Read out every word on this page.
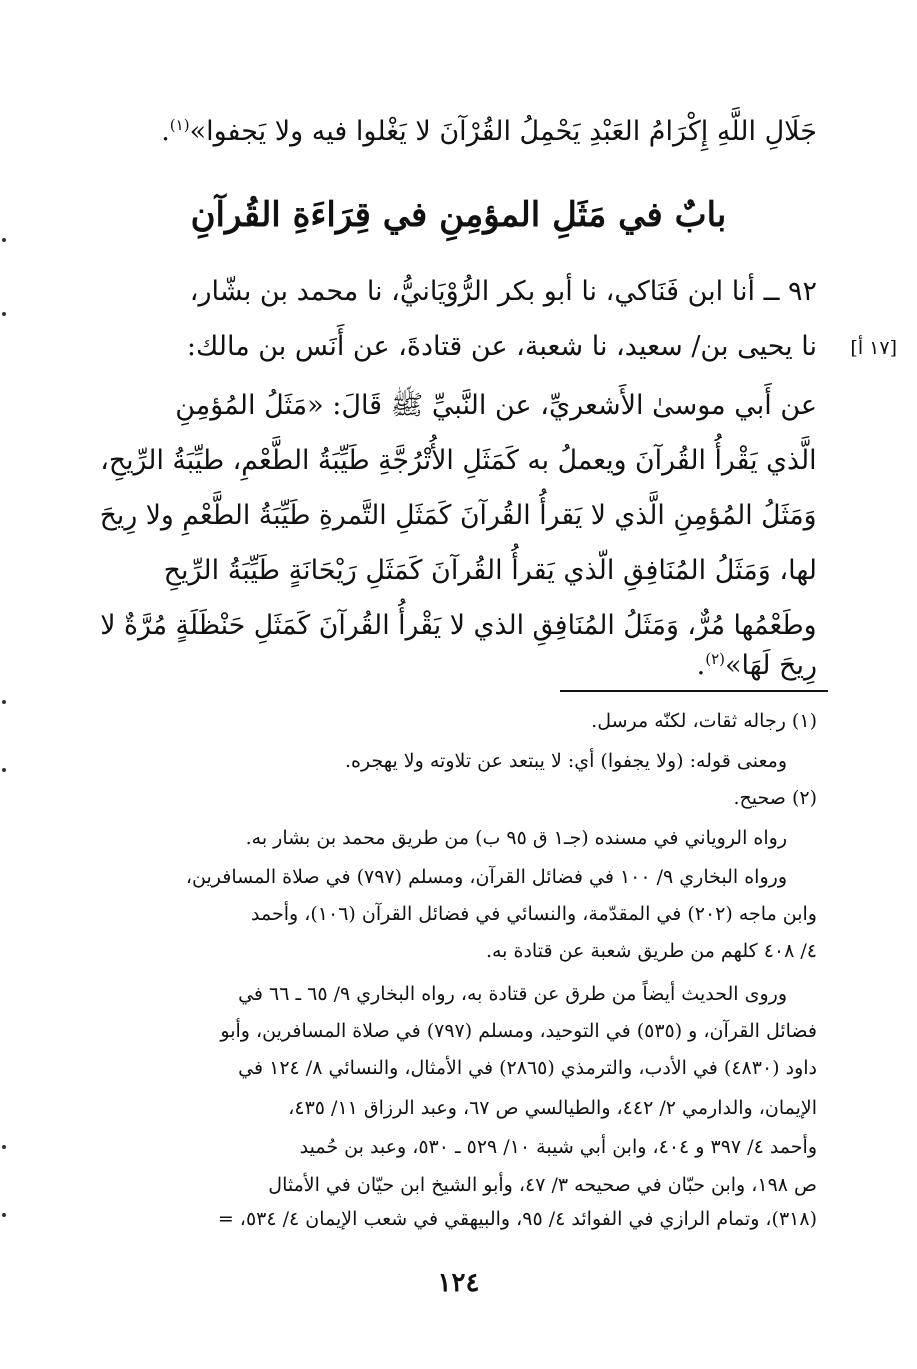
جَلَالِ اللَّهِ إِكْرَامُ العَبْدِ يَحْمِلُ القُرْآنَ لا يَغْلوا فيه ولا يَجفوا»$^{(١)}$.
بابٌ في مَثَلِ المؤمِنِ في قِرَاءَةِ القُرآنِ
٩٢ ــ أنا ابن فَنَاكي، نا أبو بكر الرُّوْيَانيُّ، نا محمد بن بشّار،
نا يحيى بن/ سعيد، نا شعبة، عن قتادةَ، عن أَنَس بن مالك: [١٧ أ]
عن أَبي موسىٰ الأَشعريِّ، عن النَّبيِّ ﷺ قَالَ: «مَثَلُ المُؤمِنِ
الَّذي يَقْرأُ القُرآنَ ويعملُ به كَمَثَلِ الأُتْرُجَّةِ طَيِّبَةُ الطَّعْمِ، طيِّبَةُ الرِّيحِ،
وَمَثَلُ المُؤمِنِ الَّذي لا يَقرأُ القُرآنَ كَمَثَلِ التَّمرةِ طَيِّبَةُ الطَّعْمِ ولا رِيحَ
لها، وَمَثَلُ المُنَافِقِ الّذي يَقرأُ القُرآنَ كَمَثَلِ رَيْحَانَةٍ طَيِّبَةُ الرِّيحِ
وطَعْمُها مُرٌّ، وَمَثَلُ المُنَافِقِ الذي لا يَقْرأُ القُرآنَ كَمَثَلِ حَنْظَلَةٍ مُرَّةٌ لا
رِيحَ لَهَا»$^{(٢)}$.
(١) رجاله ثقات، لكنّه مرسل.
ومعنى قوله: (ولا يجفوا) أي: لا يبتعد عن تلاوته ولا يهجره.
(٢) صحيح.
رواه الروياني في مسنده (جـ١ ق ٩٥ ب) من طريق محمد بن بشار به.
ورواه البخاري ٩/ ١٠٠ في فضائل القرآن، ومسلم (٧٩٧) في صلاة المسافرين،
وابن ماجه (٢٠٢) في المقدّمة، والنسائي في فضائل القرآن (١٠٦)، وأحمد
٤/ ٤٠٨ كلهم من طريق شعبة عن قتادة به.
وروى الحديث أيضاً من طرق عن قتادة به، رواه البخاري ٩/ ٦٥ ـ ٦٦ في
فضائل القرآن، و (٥٣٥) في التوحيد، ومسلم (٧٩٧) في صلاة المسافرين، وأبو
داود (٤٨٣٠) في الأدب، والترمذي (٢٨٦٥) في الأمثال، والنسائي ٨/ ١٢٤ في
الإيمان، والدارمي ٢/ ٤٤٢، والطيالسي ص ٦٧، وعبد الرزاق ١١/ ٤٣٥،
وأحمد ٤/ ٣٩٧ و ٤٠٤، وابن أبي شيبة ١٠/ ٥٢٩ ـ ٥٣٠، وعبد بن حُميد
ص ١٩٨، وابن حبّان في صحيحه ٣/ ٤٧، وأبو الشيخ ابن حيّان في الأمثال
(٣١٨)، وتمام الرازي في الفوائد ٤/ ٩٥، والبيهقي في شعب الإيمان ٤/ ٥٣٤، =
١٢٤
